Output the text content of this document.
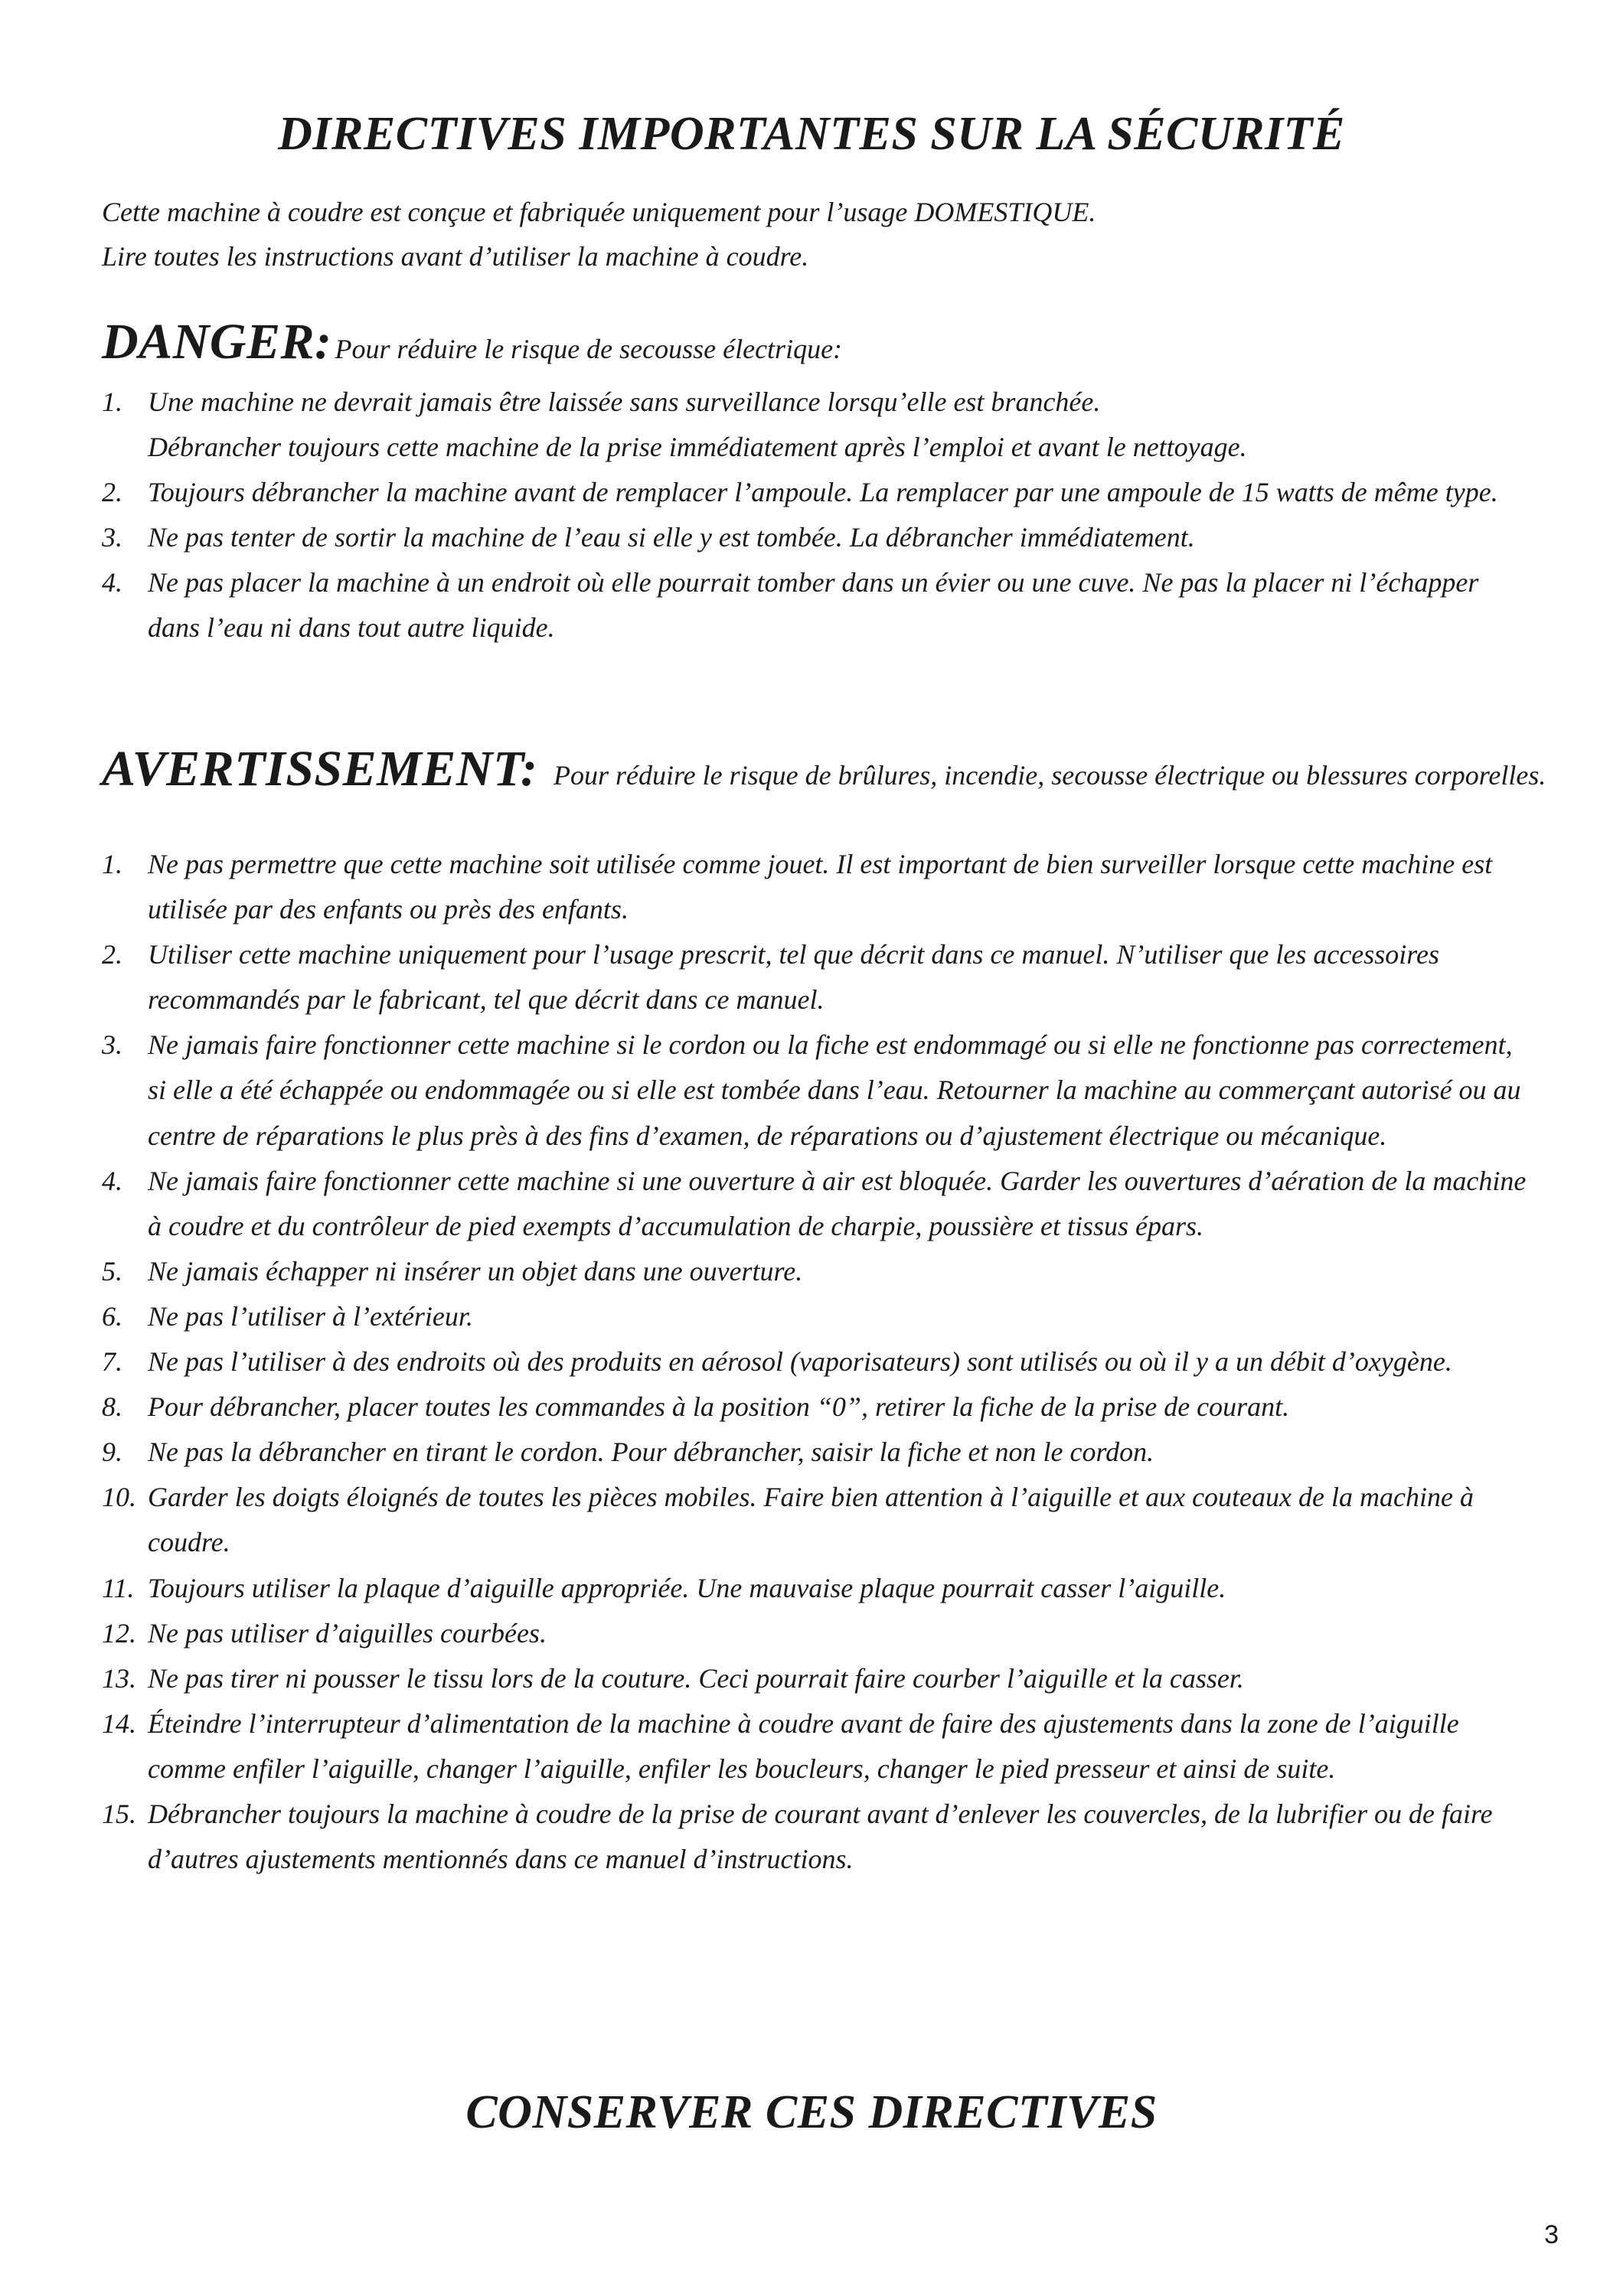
DIRECTIVES IMPORTANTES SUR LA SÉCURITÉ
Cette machine à coudre est conçue et fabriquée uniquement pour l’usage DOMESTIQUE.
Lire toutes les instructions avant d’utiliser la machine à coudre.
DANGER: Pour réduire le risque de secousse électrique:
1. Une machine ne devrait jamais être laissée sans surveillance lorsqu’elle est branchée.
Débrancher toujours cette machine de la prise immédiatement après l’emploi et avant le nettoyage.
2. Toujours débrancher la machine avant de remplacer l’ampoule. La remplacer par une ampoule de 15 watts de même type.
3. Ne pas tenter de sortir la machine de l’eau si elle y est tombée. La débrancher immédiatement.
4. Ne pas placer la machine à un endroit où elle pourrait tomber dans un évier ou une cuve. Ne pas la placer ni l’échapper dans l’eau ni dans tout autre liquide.
AVERTISSEMENT: Pour réduire le risque de brûlures, incendie, secousse électrique ou blessures corporelles.
1. Ne pas permettre que cette machine soit utilisée comme jouet. Il est important de bien surveiller lorsque cette machine est utilisée par des enfants ou près des enfants.
2. Utiliser cette machine uniquement pour l’usage prescrit, tel que décrit dans ce manuel. N’utiliser que les accessoires recommandés par le fabricant, tel que décrit dans ce manuel.
3. Ne jamais faire fonctionner cette machine si le cordon ou la fiche est endommagé ou si elle ne fonctionne pas correctement, si elle a été échappée ou endommagée ou si elle est tombée dans l’eau. Retourner la machine au commerçant autorisé ou au centre de réparations le plus près à des fins d’examen, de réparations ou d’ajustement électrique ou mécanique.
4. Ne jamais faire fonctionner cette machine si une ouverture à air est bloquée. Garder les ouvertures d’aération de la machine à coudre et du contrôleur de pied exempts d’accumulation de charpie, poussière et tissus épars.
5. Ne jamais échapper ni insérer un objet dans une ouverture.
6. Ne pas l’utiliser à l’extérieur.
7. Ne pas l’utiliser à des endroits où des produits en aérosol (vaporisateurs) sont utilisés ou où il y a un débit d’oxygène.
8. Pour débrancher, placer toutes les commandes à la position “0”, retirer la fiche de la prise de courant.
9. Ne pas la débrancher en tirant le cordon. Pour débrancher, saisir la fiche et non le cordon.
10. Garder les doigts éloignés de toutes les pièces mobiles. Faire bien attention à l’aiguille et aux couteaux de la machine à coudre.
11. Toujours utiliser la plaque d’aiguille appropriée. Une mauvaise plaque pourrait casser l’aiguille.
12. Ne pas utiliser d’aiguilles courbées.
13. Ne pas tirer ni pousser le tissu lors de la couture. Ceci pourrait faire courber l’aiguille et la casser.
14. Éteindre l’interrupteur d’alimentation de la machine à coudre avant de faire des ajustements dans la zone de l’aiguille comme enfiler l’aiguille, changer l’aiguille, enfiler les boucleurs, changer le pied presseur et ainsi de suite.
15. Débrancher toujours la machine à coudre de la prise de courant avant d’enlever les couvercles, de la lubrifier ou de faire d’autres ajustements mentionnés dans ce manuel d’instructions.
CONSERVER CES DIRECTIVES
3
